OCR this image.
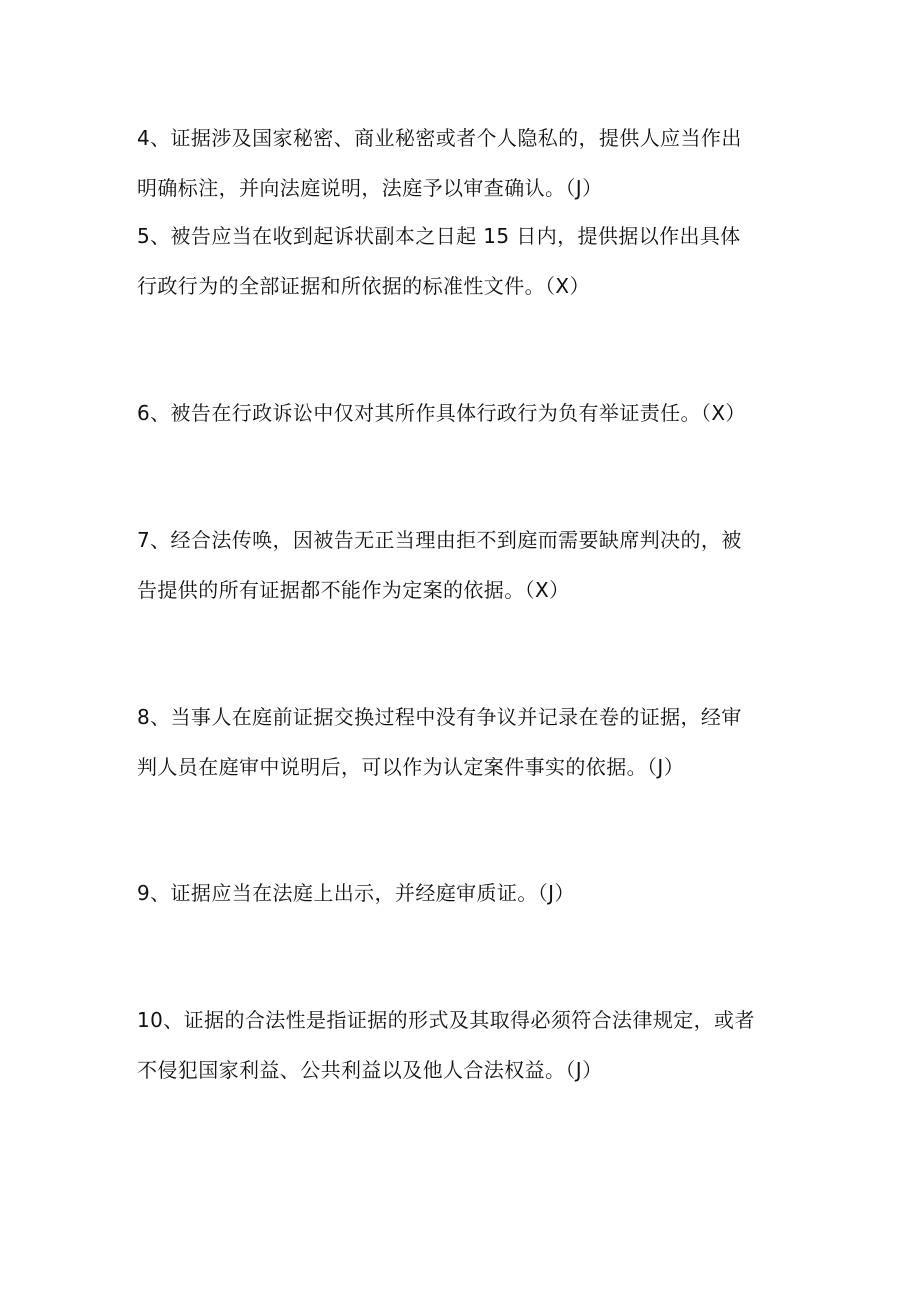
4、证据涉及国家秘密、商业秘密或者个人隐私的，提供人应当作出
明确标注，并向法庭说明，法庭予以审查确认。（J）
5、被告应当在收到起诉状副本之日起 15 日内，提供据以作出具体
行政行为的全部证据和所依据的标准性文件。（X）
6、被告在行政诉讼中仅对其所作具体行政行为负有举证责任。（X）
7、经合法传唤，因被告无正当理由拒不到庭而需要缺席判决的，被
告提供的所有证据都不能作为定案的依据。（X）
8、当事人在庭前证据交换过程中没有争议并记录在卷的证据，经审
判人员在庭审中说明后，可以作为认定案件事实的依据。（J）
9、证据应当在法庭上出示，并经庭审质证。（J）
10、证据的合法性是指证据的形式及其取得必须符合法律规定，或者
不侵犯国家利益、公共利益以及他人合法权益。（J）
